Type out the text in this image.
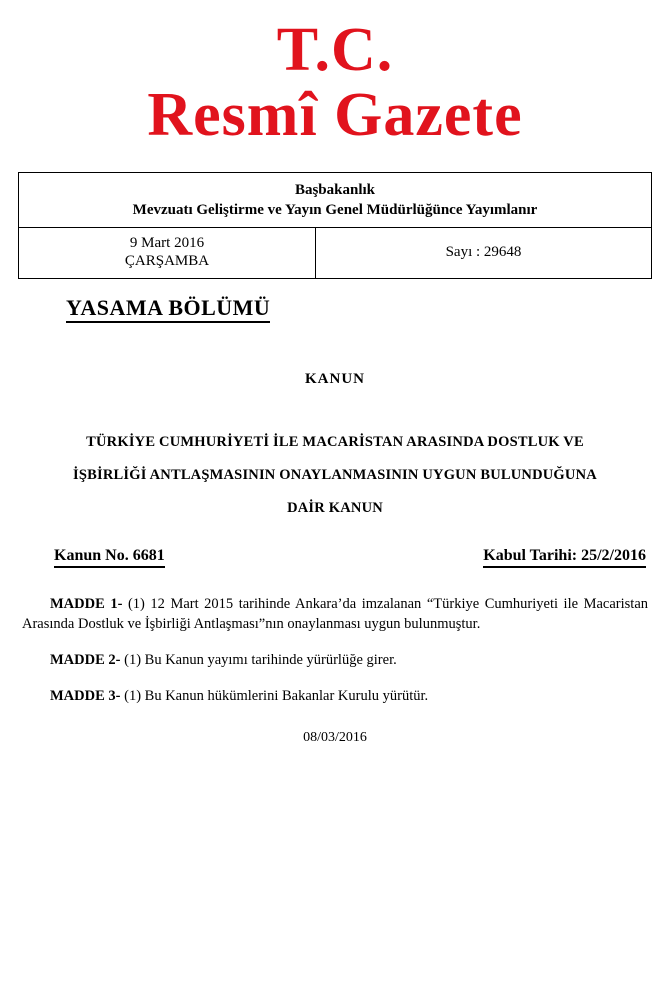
T.C.
Resmî Gazete
Başbakanlık
Mevzuatı Geliştirme ve Yayın Genel Müdürlüğünce Yayımlanır
9 Mart 2016
ÇARŞAMBA
Sayı : 29648
YASAMA BÖLÜMÜ
KANUN
TÜRKİYE CUMHURİYETİ İLE MACARİSTAN ARASINDA DOSTLUK VE
İŞBİRLİĞİ ANTLAŞMASININ ONAYLANMASININ UYGUN BULUNDUĞUNA
DAİR KANUN
Kanun No. 6681	Kabul Tarihi: 25/2/2016

MADDE 1- (1) 12 Mart 2015 tarihinde Ankara’da imzalanan “Türkiye Cumhuriyeti ile Macaristan Arasında Dostluk ve İşbirliği Antlaşması”nın onaylanması uygun bulunmuştur.

MADDE 2- (1) Bu Kanun yayımı tarihinde yürürlüğe girer.

MADDE 3- (1) Bu Kanun hükümlerini Bakanlar Kurulu yürütür.

08/03/2016
